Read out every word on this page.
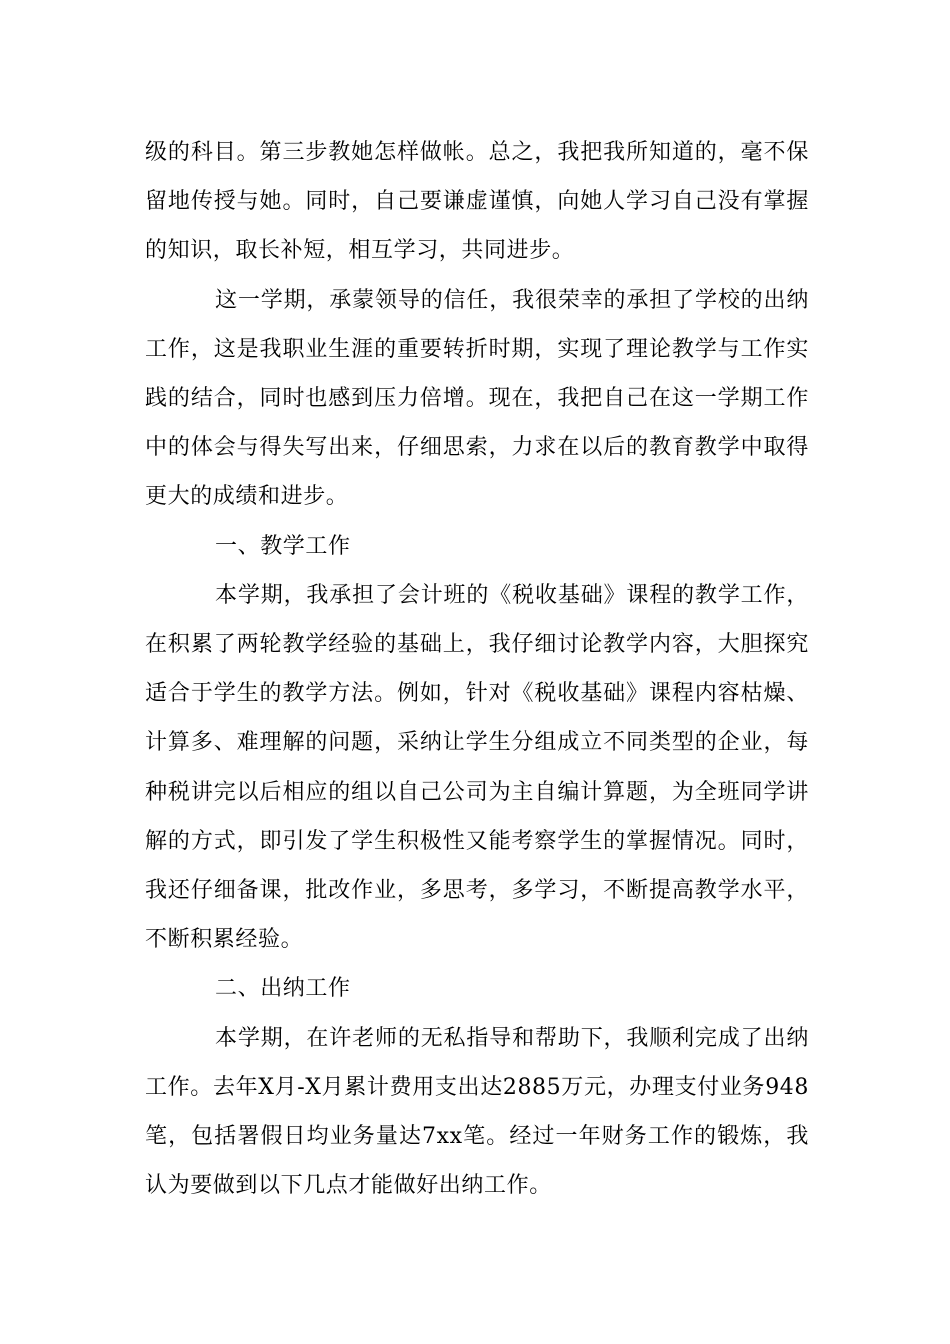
级的科目。第三步教她怎样做帐。总之，我把我所知道的，毫不保留地传授与她。同时，自己要谦虚谨慎，向她人学习自己没有掌握的知识，取长补短，相互学习，共同进步。

这一学期，承蒙领导的信任，我很荣幸的承担了学校的出纳工作，这是我职业生涯的重要转折时期，实现了理论教学与工作实践的结合，同时也感到压力倍增。现在，我把自己在这一学期工作中的体会与得失写出来，仔细思索，力求在以后的教育教学中取得更大的成绩和进步。

一、教学工作

本学期，我承担了会计班的《税收基础》课程的教学工作，在积累了两轮教学经验的基础上，我仔细讨论教学内容，大胆探究适合于学生的教学方法。例如，针对《税收基础》课程内容枯燥、计算多、难理解的问题，采纳让学生分组成立不同类型的企业，每种税讲完以后相应的组以自己公司为主自编计算题，为全班同学讲解的方式，即引发了学生积极性又能考察学生的掌握情况。同时，我还仔细备课，批改作业，多思考，多学习，不断提高教学水平，不断积累经验。

二、出纳工作

本学期，在许老师的无私指导和帮助下，我顺利完成了出纳工作。去年X月-X月累计费用支出达2885万元，办理支付业务948笔，包括署假日均业务量达7xx笔。经过一年财务工作的锻炼，我认为要做到以下几点才能做好出纳工作。
